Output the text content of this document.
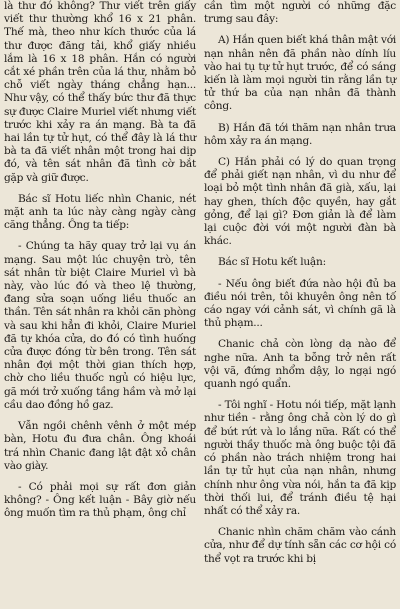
là thư đó không? Thư viết trên giấy viết thư thường khổ 16 x 21 phân. Thế mà, theo như kích thước của lá thư được đăng tải, khổ giấy nhiều lắm là 16 x 18 phân. Hắn có người cắt xé phần trên của lá thư, nhằm bỏ chỗ viết ngày tháng chẳng hạn... Như vậy, có thể thấy bức thư đã thực sự được Claire Muriel viết nhưng viết trước khi xảy ra án mạng. Bà ta đã hai lần tự tử hụt, có thể đây là lá thư bà ta đã viết nhân một trong hai dịp đó, và tên sát nhân đã tình cờ bắt gặp và giữ được.

Bác sĩ Hotu liếc nhìn Chanic, nét mặt anh ta lúc này càng ngày càng căng thẳng. Ông ta tiếp:

- Chúng ta hãy quay trở lại vụ án mạng. Sau một lúc chuyện trò, tên sát nhân từ biệt Claire Muriel vì bà này, vào lúc đó và theo lệ thường, đang sửa soạn uống liều thuốc an thần. Tên sát nhân ra khỏi căn phòng và sau khi hẳn đi khỏi, Claire Muriel đã tự khóa cửa, do đó có tình huống cửa được đóng từ bên trong. Tên sát nhân đợi một thời gian thích hợp, chờ cho liều thuốc ngủ có hiệu lực, gã mới trở xuống tầng hầm và mở lại cầu dao đồng hồ gaz.

Vẫn ngồi chênh vênh ở một mép bàn, Hotu đu đưa chân. Ông khoái trá nhìn Chanic đang lật đật xỏ chân vào giày.

- Có phải mọi sự rất đơn giản không? - Ông kết luận - Bây giờ nếu ông muốn tìm ra thủ phạm, ông chỉ

cần tìm một người có những đặc trưng sau đây:

A) Hắn quen biết khá thân mật với nạn nhân nên đã phần nào dính líu vào hai tụ tự tử hụt trước, để có sáng kiến là làm mọi người tin rằng lần tự tử thứ ba của nạn nhân đã thành công.

B) Hắn đã tới thăm nạn nhân trưa hôm xảy ra án mạng.

C) Hắn phải có lý do quan trọng để phải giết nạn nhân, vì du như để loại bỏ một tình nhân đã già, xấu, lại hay ghen, thích độc quyền, hay gắt gỏng, để lại gì? Đơn giản là để làm lại cuộc đời với một người đàn bà khác.

Bác sĩ Hotu kết luận:

- Nếu ông biết đứa nào hội đủ ba điều nói trên, tôi khuyên ông nên tố cáo ngay với cảnh sát, vì chính gã là thủ phạm...

Chanic chả còn lòng dạ nào để nghe nữa. Anh ta bỗng trở nên rất vội vã, đứng nhổm dậy, lo ngại ngó quanh ngó quẩn.

- Tôi nghĩ - Hotu nói tiếp, mặt lạnh như tiền - rằng ông chả còn lý do gì để bứt rứt và lo lắng nữa. Rất có thể người thầy thuốc mà ông buộc tội đã có phần nào trách nhiệm trong hai lần tự tử hụt của nạn nhân, nhưng chính như ông vừa nói, hắn ta đã kịp thời thối lui, để tránh điều tệ hại nhất có thể xảy ra.

Chanic nhìn chăm chăm vào cánh cửa, như để dự tính sẵn các cơ hội có thể vọt ra trước khi bị
